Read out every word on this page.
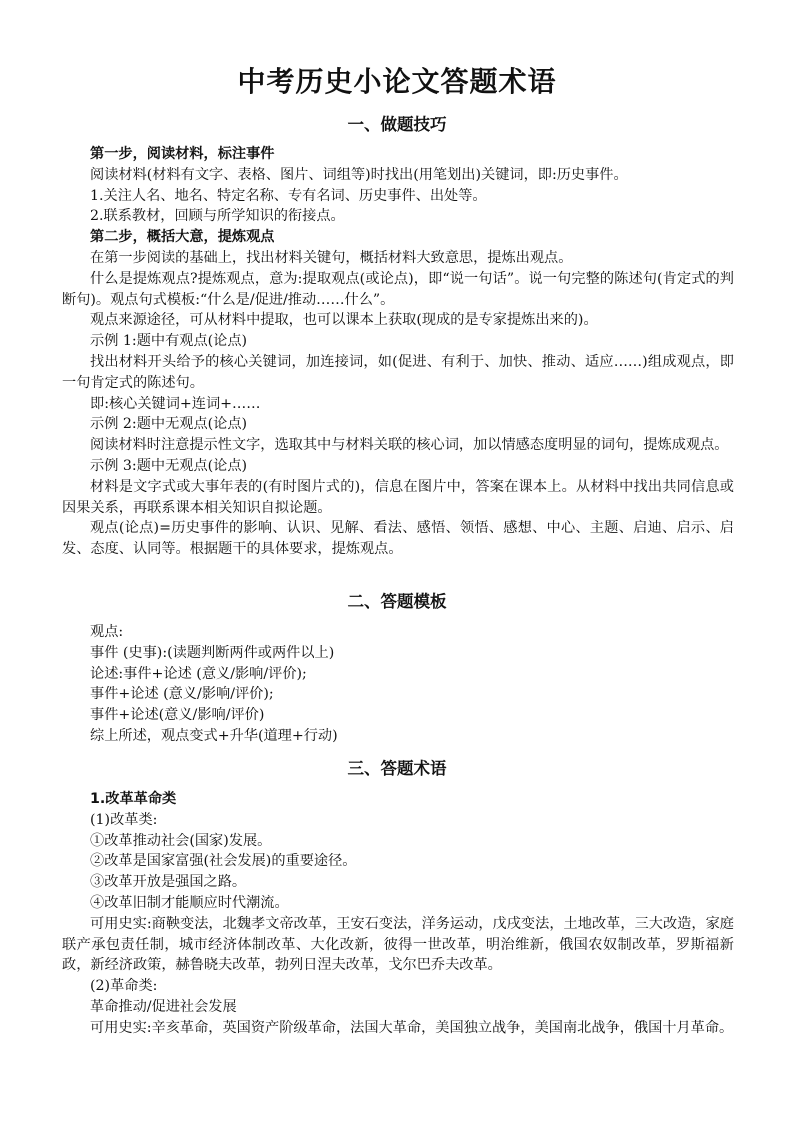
中考历史小论文答题术语
一、做题技巧

第一步，阅读材料，标注事件

阅读材料(材料有文字、表格、图片、词组等)时找出(用笔划出)关键词，即:历史事件。

1.关注人名、地名、特定名称、专有名词、历史事件、出处等。

2.联系教材，回顾与所学知识的衔接点。

第二步，概括大意，提炼观点

在第一步阅读的基础上，找出材料关键句，概括材料大致意思，提炼出观点。

什么是提炼观点?提炼观点，意为:提取观点(或论点)，即“说一句话”。说一句完整的陈述句(肯定式的判断句)。观点句式模板:“什么是/促进/推动……什么”。

观点来源途径，可从材料中提取，也可以课本上获取(现成的是专家提炼出来的)。

示例 1:题中有观点(论点)

找出材料开头给予的核心关键词，加连接词，如(促进、有利于、加快、推动、适应……)组成观点，即一句肯定式的陈述句。

即:核心关键词+连词+……

示例 2:题中无观点(论点)

阅读材料时注意提示性文字，选取其中与材料关联的核心词，加以情感态度明显的词句，提炼成观点。

示例 3:题中无观点(论点)

材料是文字式或大事年表的(有时图片式的)，信息在图片中，答案在课本上。从材料中找出共同信息或因果关系，再联系课本相关知识自拟论题。

观点(论点)=历史事件的影响、认识、见解、看法、感悟、领悟、感想、中心、主题、启迪、启示、启发、态度、认同等。根据题干的具体要求，提炼观点。

二、答题模板

观点:

事件 (史事):(读题判断两件或两件以上)

论述:事件+论述 (意义/影响/评价);

事件+论述 (意义/影响/评价);

事件+论述(意义/影响/评价)

综上所述，观点变式+升华(道理+行动)

三、答题术语

1.改革革命类

(1)改革类:

①改革推动社会(国家)发展。

②改革是国家富强(社会发展)的重要途径。

③改革开放是强国之路。

④改革旧制才能顺应时代潮流。

可用史实:商鞅变法，北魏孝文帝改革，王安石变法，洋务运动，戊戌变法，土地改革，三大改造，家庭联产承包责任制，城市经济体制改革、大化改新，彼得一世改革，明治维新，俄国农奴制改革，罗斯福新政，新经济政策，赫鲁晓夫改革，勃列日涅夫改革，戈尔巴乔夫改革。

(2)革命类:

革命推动/促进社会发展

可用史实:辛亥革命，英国资产阶级革命，法国大革命，美国独立战争，美国南北战争，俄国十月革命。
